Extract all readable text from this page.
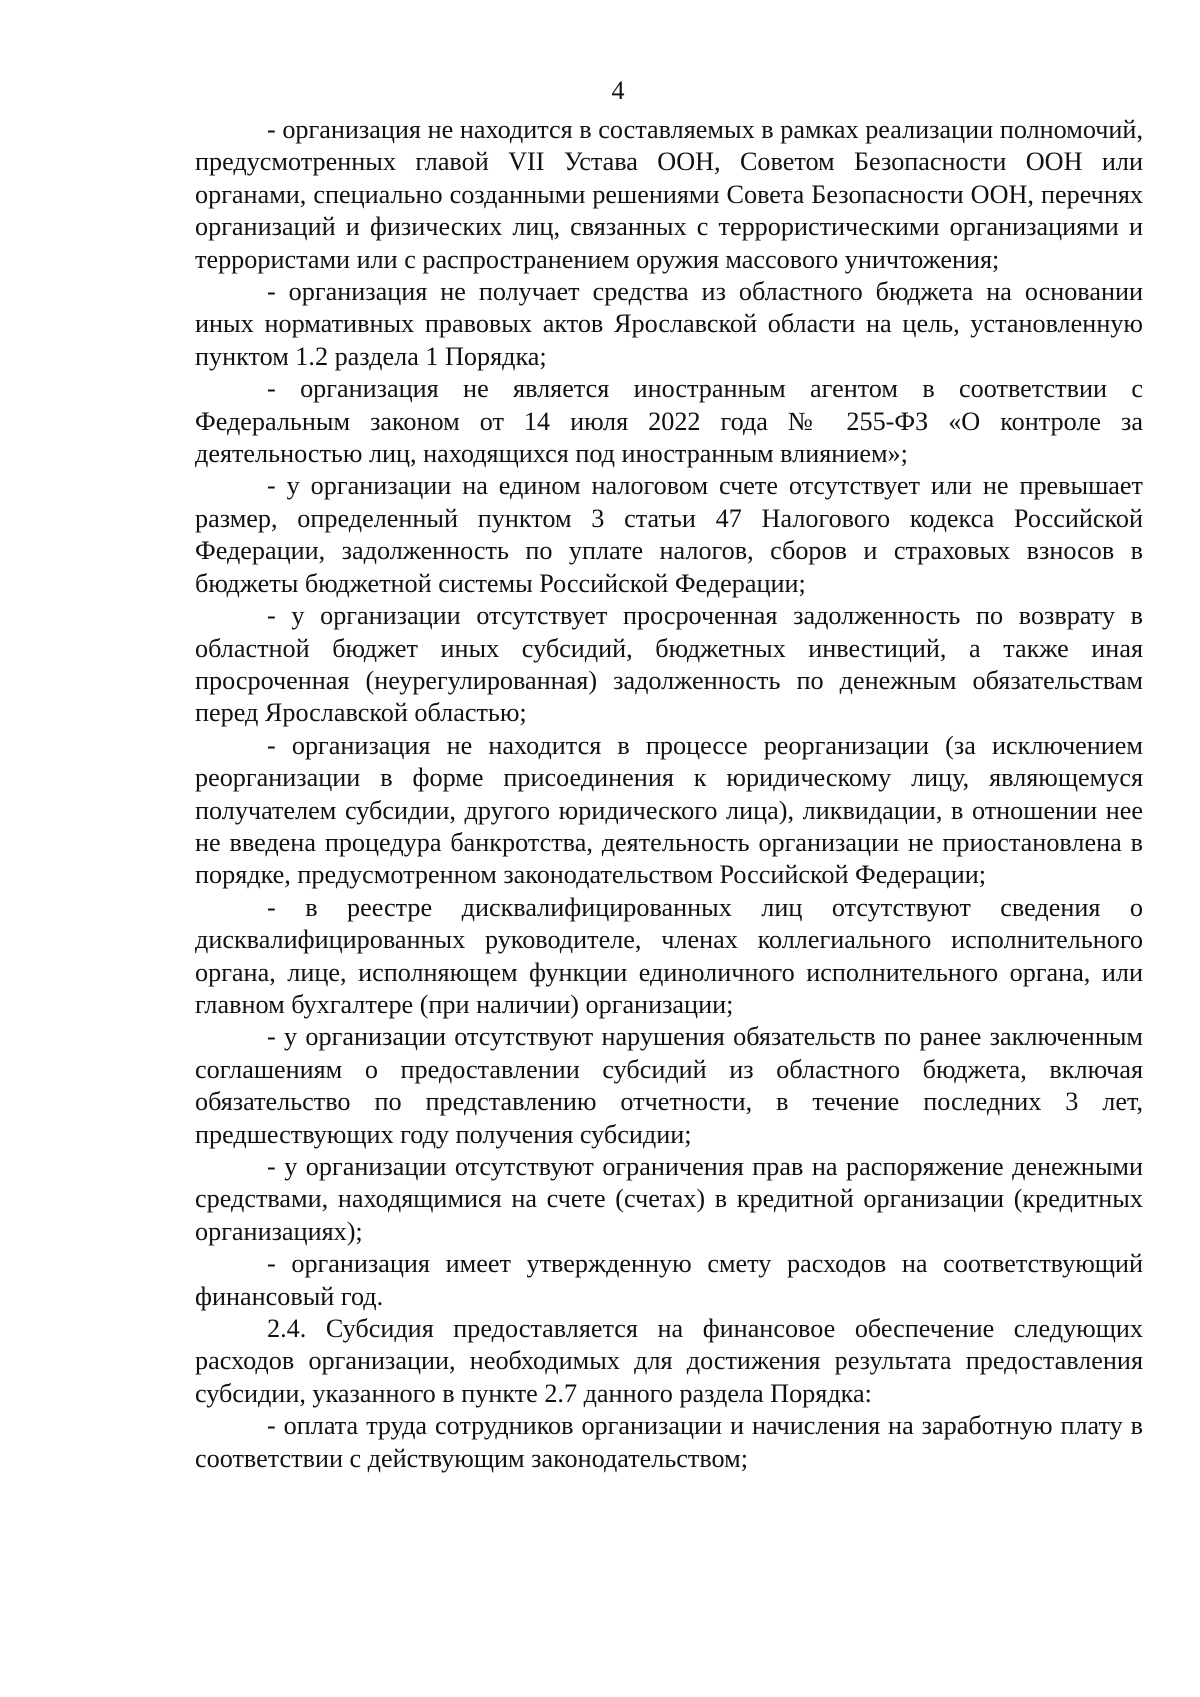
4

- организация не находится в составляемых в рамках реализации полномочий, предусмотренных главой VII Устава ООН, Советом Безопасности ООН или органами, специально созданными решениями Совета Безопасности ООН, перечнях организаций и физических лиц, связанных с террористическими организациями и террористами или с распространением оружия массового уничтожения;

- организация не получает средства из областного бюджета на основании иных нормативных правовых актов Ярославской области на цель, установленную пунктом 1.2 раздела 1 Порядка;

- организация не является иностранным агентом в соответствии с Федеральным законом от 14 июля 2022 года № 255-ФЗ «О контроле за деятельностью лиц, находящихся под иностранным влиянием»;

- у организации на едином налоговом счете отсутствует или не превышает размер, определенный пунктом 3 статьи 47 Налогового кодекса Российской Федерации, задолженность по уплате налогов, сборов и страховых взносов в бюджеты бюджетной системы Российской Федерации;

- у организации отсутствует просроченная задолженность по возврату в областной бюджет иных субсидий, бюджетных инвестиций, а также иная просроченная (неурегулированная) задолженность по денежным обязательствам перед Ярославской областью;

- организация не находится в процессе реорганизации (за исключением реорганизации в форме присоединения к юридическому лицу, являющемуся получателем субсидии, другого юридического лица), ликвидации, в отношении нее не введена процедура банкротства, деятельность организации не приостановлена в порядке, предусмотренном законодательством Российской Федерации;

- в реестре дисквалифицированных лиц отсутствуют сведения о дисквалифицированных руководителе, членах коллегиального исполнительного органа, лице, исполняющем функции единоличного исполнительного органа, или главном бухгалтере (при наличии) организации;

- у организации отсутствуют нарушения обязательств по ранее заключенным соглашениям о предоставлении субсидий из областного бюджета, включая обязательство по представлению отчетности, в течение последних 3 лет, предшествующих году получения субсидии;

- у организации отсутствуют ограничения прав на распоряжение денежными средствами, находящимися на счете (счетах) в кредитной организации (кредитных организациях);

- организация имеет утвержденную смету расходов на соответствующий финансовый год.

2.4. Субсидия предоставляется на финансовое обеспечение следующих расходов организации, необходимых для достижения результата предоставления субсидии, указанного в пункте 2.7 данного раздела Порядка:

- оплата труда сотрудников организации и начисления на заработную плату в соответствии с действующим законодательством;
